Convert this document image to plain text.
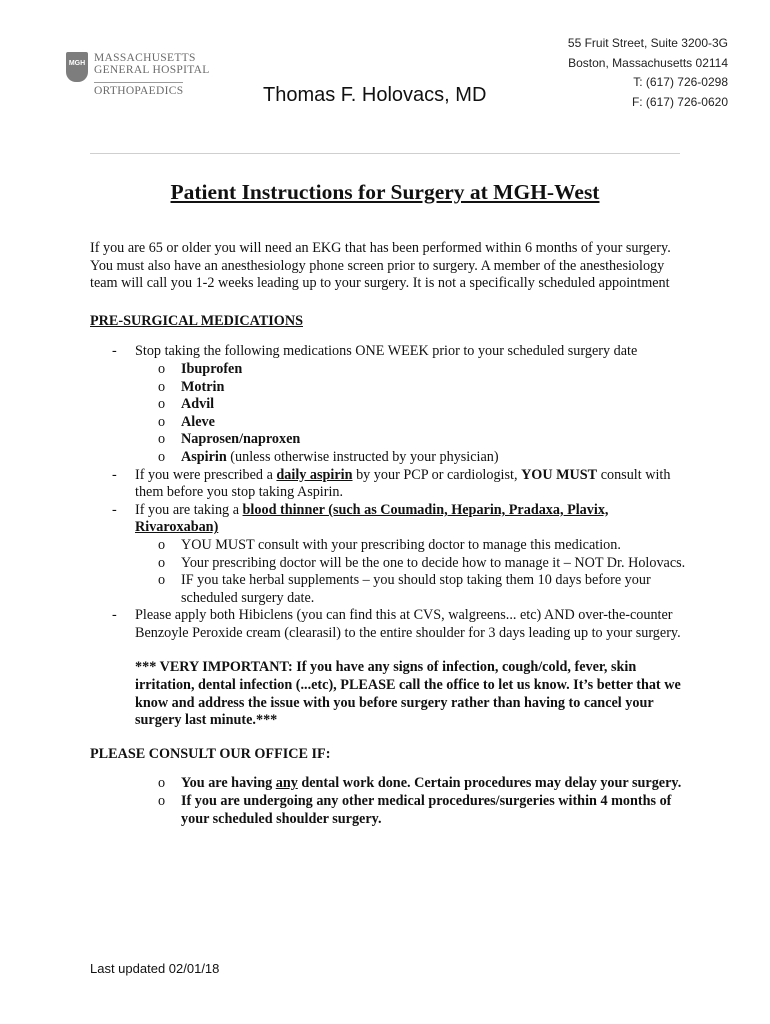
MGH MASSACHUSETTS
GENERAL HOSPITAL
ORTHOPAEDICS	Thomas F. Holovacs, MD
55 Fruit Street, Suite 3200-3G
Boston, Massachusetts 02114
T: (617) 726-0298
F: (617) 726-0620
Patient Instructions for Surgery at MGH-West

If you are 65 or older you will need an EKG that has been performed within 6 months of your surgery. You must also have an anesthesiology phone screen prior to surgery. A member of the anesthesiology team will call you 1-2 weeks leading up to your surgery. It is not a specifically scheduled appointment

PRE-SURGICAL MEDICATIONS

- Stop taking the following medications ONE WEEK prior to your scheduled surgery date
o Ibuprofen
o Motrin
o Advil
o Aleve
o Naprosen/naproxen
o Aspirin (unless otherwise instructed by your physician)
- If you were prescribed a daily aspirin by your PCP or cardiologist, YOU MUST consult with them before you stop taking Aspirin.
- If you are taking a blood thinner (such as Coumadin, Heparin, Pradaxa, Plavix, Rivaroxaban)
o YOU MUST consult with your prescribing doctor to manage this medication.
o Your prescribing doctor will be the one to decide how to manage it – NOT Dr. Holovacs.
o IF you take herbal supplements – you should stop taking them 10 days before your scheduled surgery date.
- Please apply both Hibiclens (you can find this at CVS, walgreens... etc) AND over-the-counter Benzoyle Peroxide cream (clearasil) to the entire shoulder for 3 days leading up to your surgery.

*** VERY IMPORTANT: If you have any signs of infection, cough/cold, fever, skin irritation, dental infection (...etc), PLEASE call the office to let us know. It’s better that we know and address the issue with you before surgery rather than having to cancel your surgery last minute.***

PLEASE CONSULT OUR OFFICE IF:

o You are having any dental work done. Certain procedures may delay your surgery.
o If you are undergoing any other medical procedures/surgeries within 4 months of your scheduled shoulder surgery.
Last updated 02/01/18
